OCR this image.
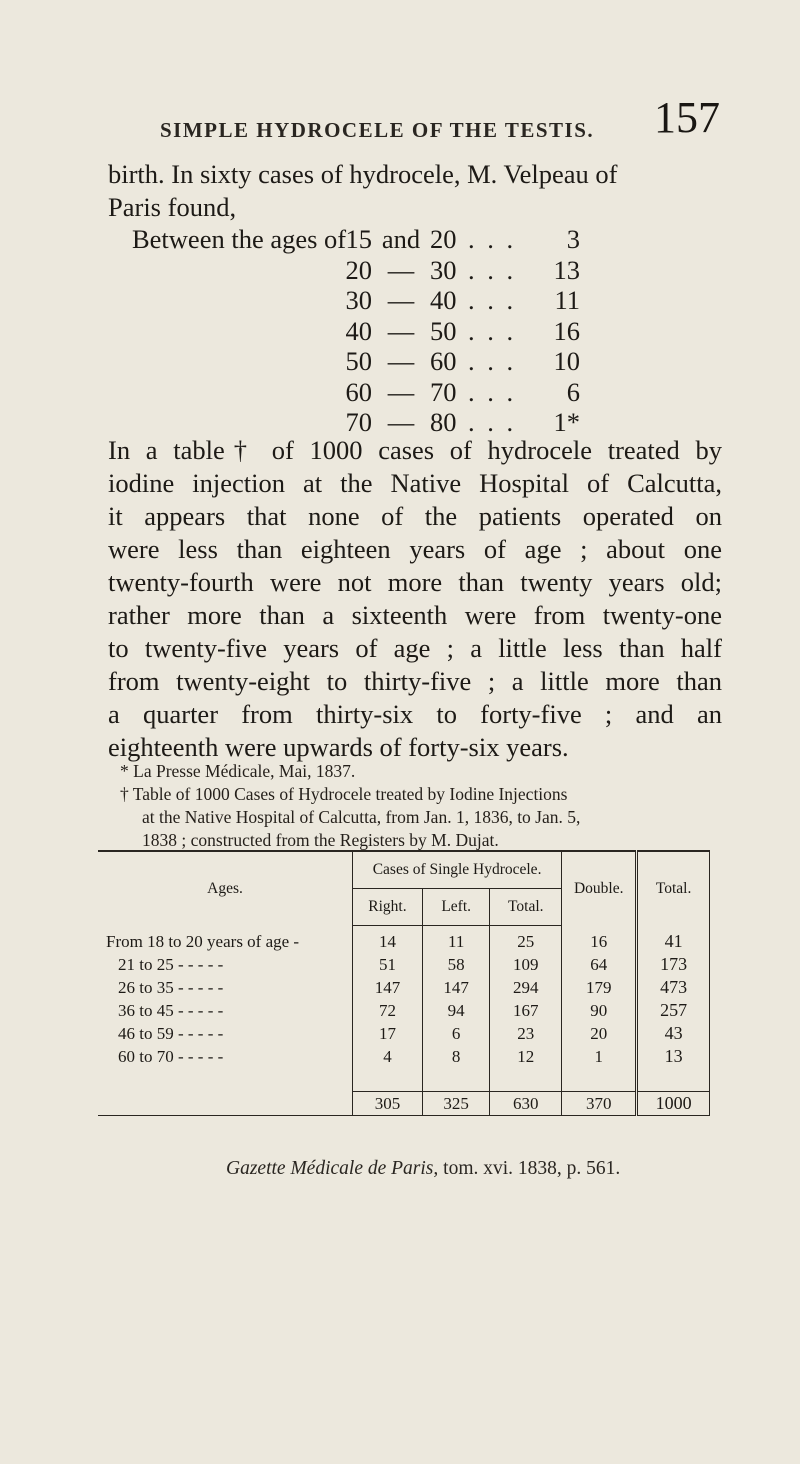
SIMPLE HYDROCELE OF THE TESTIS. 157
birth. In sixty cases of hydrocele, M. Velpeau of
Paris found,
Between the ages of 15 and 20 . . .	3
20 — 30 . . .	13
30 — 40 . . .	11
40 — 50 . . .	16
50 — 60 . . .	10
60 — 70 . . .	6
70 — 80 . . .	1*
In a table† of 1000 cases of hydrocele treated by
iodine injection at the Native Hospital of Calcutta,
it appears that none of the patients operated on
were less than eighteen years of age ; about one
twenty-fourth were not more than twenty years old;
rather more than a sixteenth were from twenty-one
to twenty-five years of age ; a little less than half
from twenty-eight to thirty-five ; a little more than
a quarter from thirty-six to forty-five ; and an
eighteenth were upwards of forty-six years.
* La Presse Médicale, Mai, 1837.
† Table of 1000 Cases of Hydrocele treated by Iodine Injections
at the Native Hospital of Calcutta, from Jan. 1, 1836, to Jan. 5,
1838 ; constructed from the Registers by M. Dujat.
Ages.	Cases of Single Hydrocele.			Double.	Total.
	Right.	Left.	Total.		
From 18 to 20 years of age -	14	11	25	16	41
21 to 25 - - - - -	51	58	109	64	173
26 to 35 - - - - -	147	147	294	179	473
36 to 45 - - - - -	72	94	167	90	257
46 to 59 - - - - -	17	6	23	20	43
60 to 70 - - - - -	4	8	12	1	13

	305	325	630	370	1000
Gazette Médicale de Paris, tom. xvi. 1838, p. 561.
